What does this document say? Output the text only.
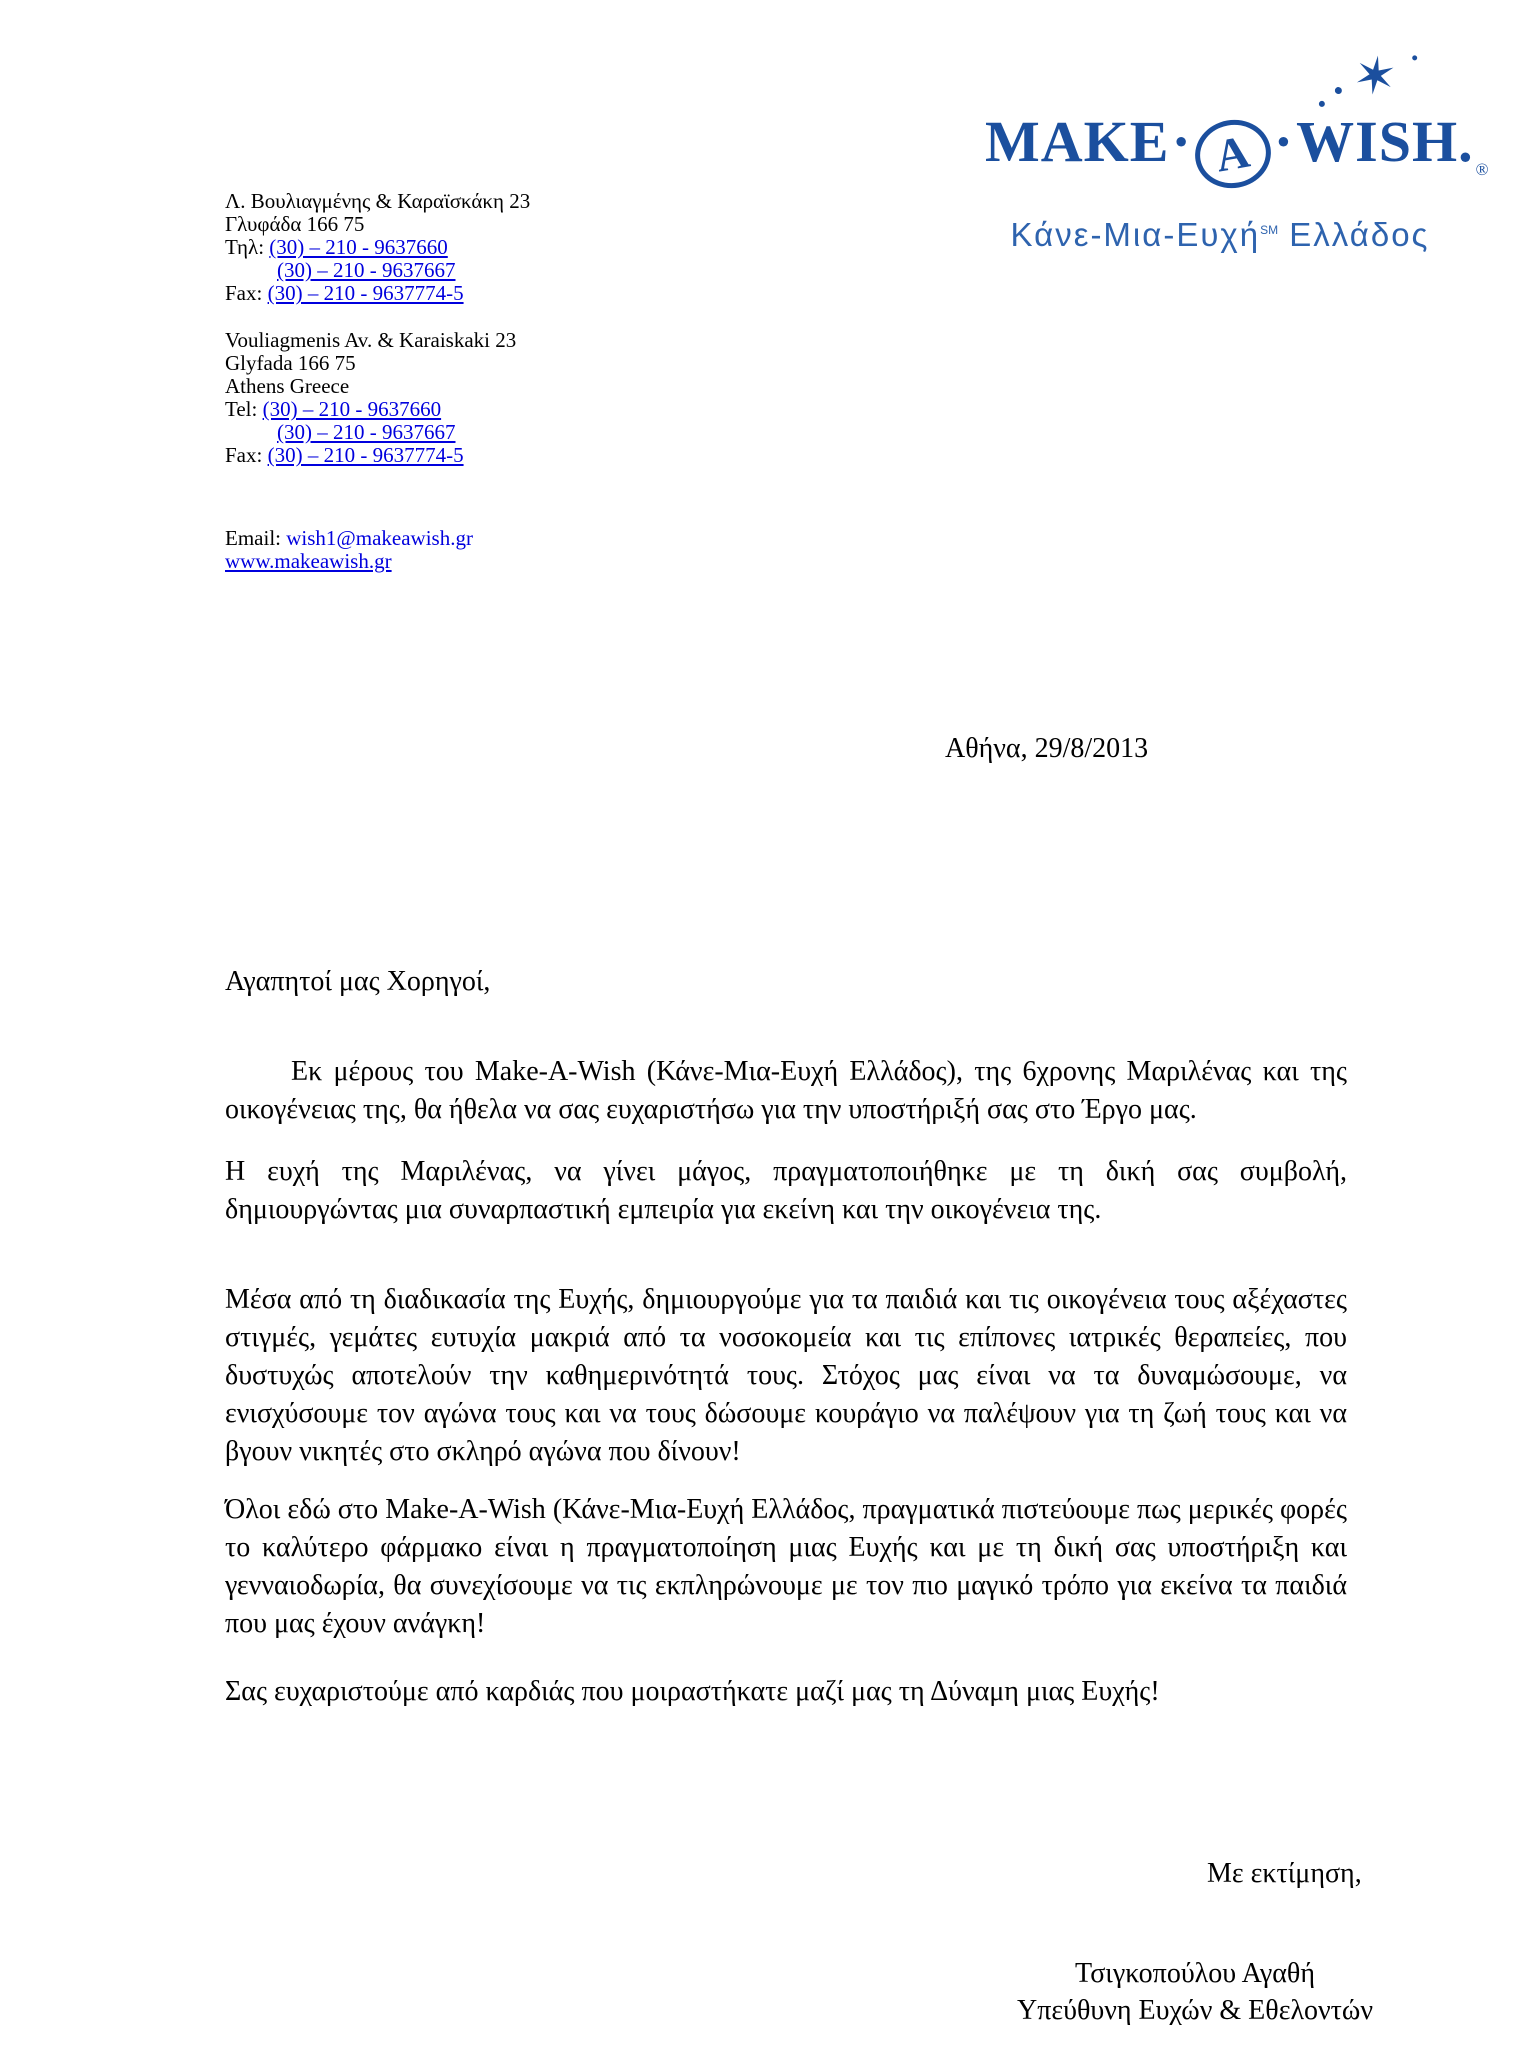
Λ. Βουλιαγμένης & Καραϊσκάκη 23
Γλυφάδα 166 75
Τηλ: (30) – 210 - 9637660
(30) – 210 - 9637667
Fax: (30) – 210 - 9637774-5
Vouliagmenis Av. & Karaiskaki 23
Glyfada 166 75
Athens Greece
Tel: (30) – 210 - 9637660
(30) – 210 - 9637667
Fax: (30) – 210 - 9637774-5
Email: wish1@makeawish.gr
www.makeawish.gr
✶
MAKE· A ·WISH. $_®$
Κάνε-Μια-Ευχή℠ Ελλάδος
Αθήνα, 29/8/2013

Αγαπητοί μας Χορηγοί,

Εκ μέρους του Make-A-Wish (Κάνε-Μια-Ευχή Ελλάδος), της 6χρονης Μαριλένας και της οικογένειας της, θα ήθελα να σας ευχαριστήσω για την υποστήριξή σας στο Έργο μας.

Η ευχή της Μαριλένας, να γίνει μάγος, πραγματοποιήθηκε με τη δική σας συμβολή, δημιουργώντας μια συναρπαστική εμπειρία για εκείνη και την οικογένεια της.

Μέσα από τη διαδικασία της Ευχής, δημιουργούμε για τα παιδιά και τις οικογένεια τους αξέχαστες στιγμές, γεμάτες ευτυχία μακριά από τα νοσοκομεία και τις επίπονες ιατρικές θεραπείες, που δυστυχώς αποτελούν την καθημερινότητά τους. Στόχος μας είναι να τα δυναμώσουμε, να ενισχύσουμε τον αγώνα τους και να τους δώσουμε κουράγιο να παλέψουν για τη ζωή τους και να βγουν νικητές στο σκληρό αγώνα που δίνουν!

Όλοι εδώ στο Make-A-Wish (Κάνε-Μια-Ευχή Ελλάδος, πραγματικά πιστεύουμε πως μερικές φορές το καλύτερο φάρμακο είναι η πραγματοποίηση μιας Ευχής και με τη δική σας υποστήριξη και γενναιοδωρία, θα συνεχίσουμε να τις εκπληρώνουμε με τον πιο μαγικό τρόπο για εκείνα τα παιδιά που μας έχουν ανάγκη!

Σας ευχαριστούμε από καρδιάς που μοιραστήκατε μαζί μας τη Δύναμη μιας Ευχής!

Με εκτίμηση,
Τσιγκοπούλου Αγαθή
Υπεύθυνη Ευχών & Εθελοντών
